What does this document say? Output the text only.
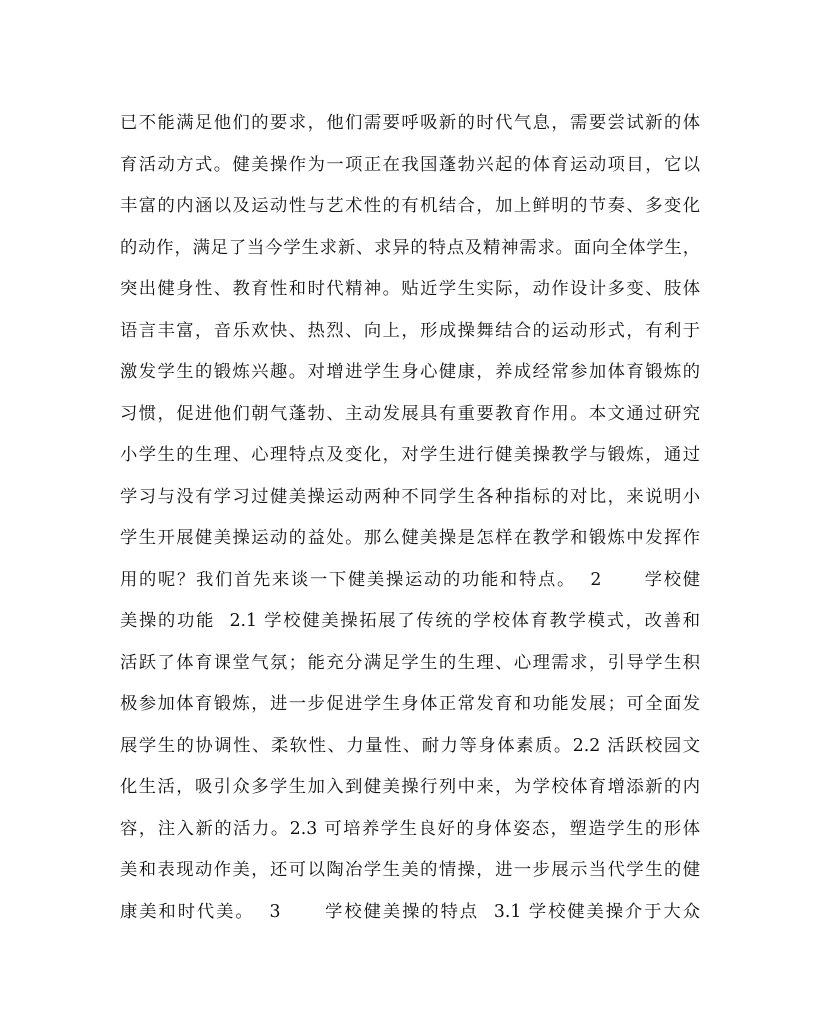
已不能满足他们的要求，他们需要呼吸新的时代气息，需要尝试新的体
育活动方式。健美操作为一项正在我国蓬勃兴起的体育运动项目，它以
丰富的内涵以及运动性与艺术性的有机结合，加上鲜明的节奏、多变化
的动作，满足了当今学生求新、求异的特点及精神需求。面向全体学生，
突出健身性、教育性和时代精神。贴近学生实际，动作设计多变、肢体
语言丰富，音乐欢快、热烈、向上，形成操舞结合的运动形式，有利于
激发学生的锻炼兴趣。对增进学生身心健康，养成经常参加体育锻炼的
习惯，促进他们朝气蓬勃、主动发展具有重要教育作用。本文通过研究
小学生的生理、心理特点及变化，对学生进行健美操教学与锻炼，通过
学习与没有学习过健美操运动两种不同学生各种指标的对比，来说明小
学生开展健美操运动的益处。那么健美操是怎样在教学和锻炼中发挥作
用的呢？我们首先来谈一下健美操运动的功能和特点。  2      学校健
美操的功能  2.1 学校健美操拓展了传统的学校体育教学模式，改善和
活跃了体育课堂气氛；能充分满足学生的生理、心理需求，引导学生积
极参加体育锻炼，进一步促进学生身体正常发育和功能发展；可全面发
展学生的协调性、柔软性、力量性、耐力等身体素质。2.2 活跃校园文
化生活，吸引众多学生加入到健美操行列中来，为学校体育增添新的内
容，注入新的活力。2.3 可培养学生良好的身体姿态，塑造学生的形体
美和表现动作美，还可以陶冶学生美的情操，进一步展示当代学生的健
康美和时代美。  3      学校健美操的特点  3.1 学校健美操介于大众
